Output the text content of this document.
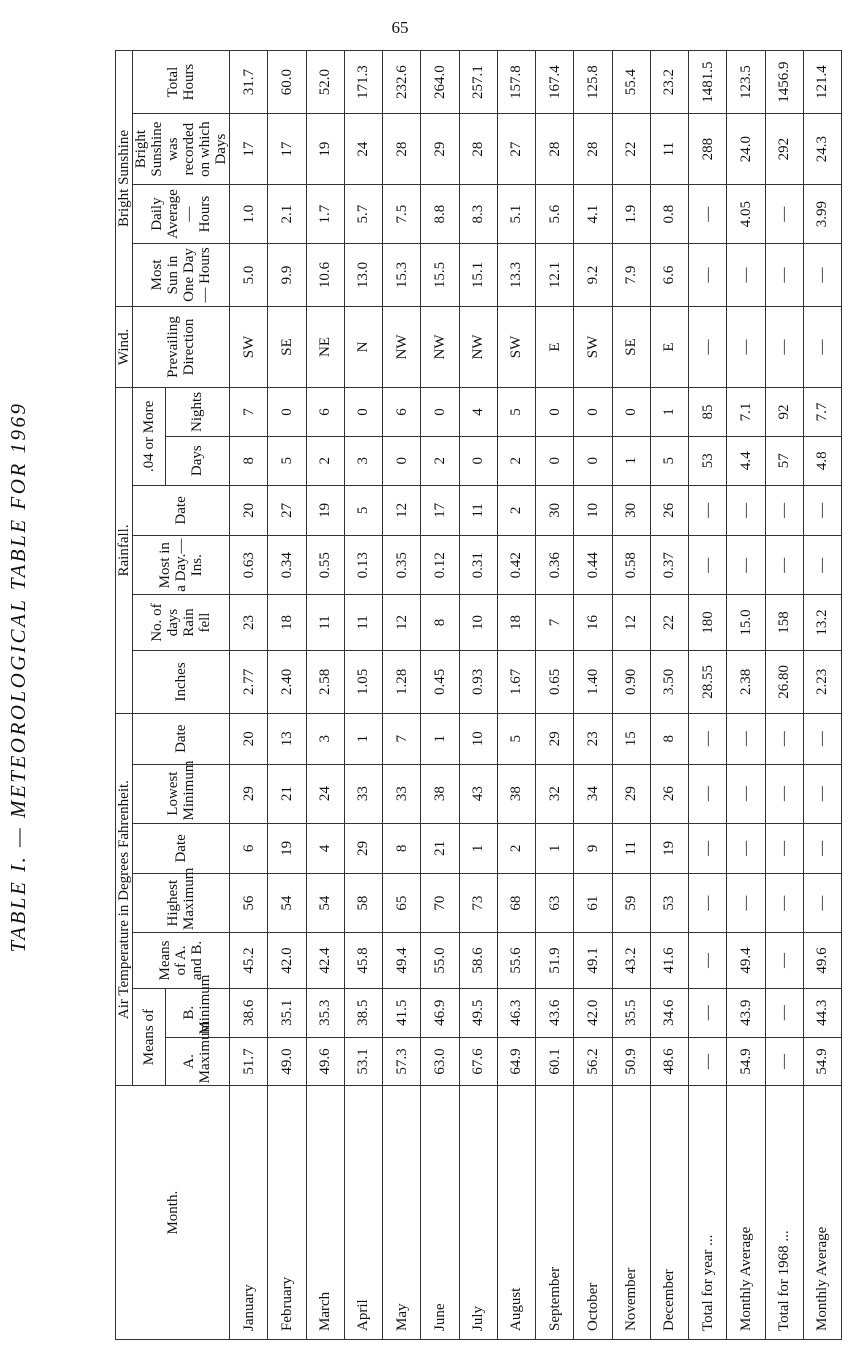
65
TABLE I. — METEOROLOGICAL TABLE FOR 1969
Month.	Air Temperature in Degrees Fahrenheit.							Rainfall.						Wind.	Bright Sunshine			
	Means of		Means of A. and B.	Highest Maximum	Date	Lowest Minimum	Date	Inches	No. of days Rain fell	Most in a Day.—Ins.	Date	.04 or More		Prevailing Direction	Most Sun in One Day — Hours	Daily Average — Hours	Bright Sunshine was recorded on which Days	Total Hours
	A. Maximum	B. Minimum										Days	Nights					
January	51.7	38.6	45.2	56	6	29	20	2.77	23	0.63	20	8	7	SW	5.0	1.0	17	31.7
February	49.0	35.1	42.0	54	19	21	13	2.40	18	0.34	27	5	0	SE	9.9	2.1	17	60.0
March	49.6	35.3	42.4	54	4	24	3	2.58	11	0.55	19	2	6	NE	10.6	1.7	19	52.0
April	53.1	38.5	45.8	58	29	33	1	1.05	11	0.13	5	3	0	N	13.0	5.7	24	171.3
May	57.3	41.5	49.4	65	8	33	7	1.28	12	0.35	12	0	6	NW	15.3	7.5	28	232.6
June	63.0	46.9	55.0	70	21	38	1	0.45	8	0.12	17	2	0	NW	15.5	8.8	29	264.0
July	67.6	49.5	58.6	73	1	43	10	0.93	10	0.31	11	0	4	NW	15.1	8.3	28	257.1
August	64.9	46.3	55.6	68	2	38	5	1.67	18	0.42	2	2	5	SW	13.3	5.1	27	157.8
September	60.1	43.6	51.9	63	1	32	29	0.65	7	0.36	30	0	0	E	12.1	5.6	28	167.4
October	56.2	42.0	49.1	61	9	34	23	1.40	16	0.44	10	0	0	SW	9.2	4.1	28	125.8
November	50.9	35.5	43.2	59	11	29	15	0.90	12	0.58	30	1	0	SE	7.9	1.9	22	55.4
December	48.6	34.6	41.6	53	19	26	8	3.50	22	0.37	26	5	1	E	6.6	0.8	11	23.2
Total for year ...	—	—	—	—	—	—	—	28.55	180	—	—	53	85	—	—	—	288	1481.5
Monthly Average	54.9	43.9	49.4	—	—	—	—	2.38	15.0	—	—	4.4	7.1	—	—	4.05	24.0	123.5
Total for 1968 ...	—	—	—	—	—	—	—	26.80	158	—	—	57	92	—	—	—	292	1456.9
Monthly Average	54.9	44.3	49.6	—	—	—	—	2.23	13.2	—	—	4.8	7.7	—	—	3.99	24.3	121.4
